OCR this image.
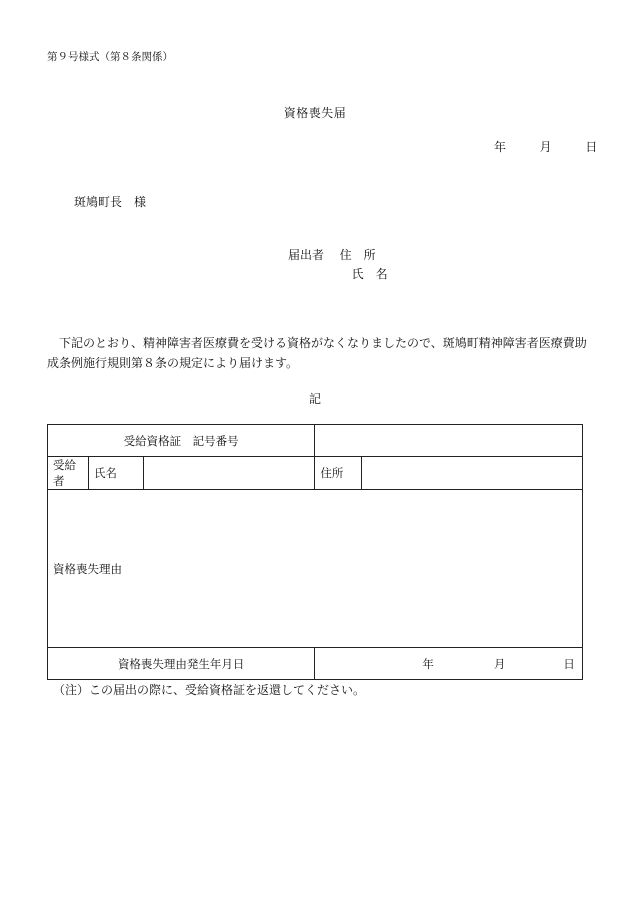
第９号様式（第８条関係）
資格喪失届
年	月	日
斑鳩町長 様
届出者 住　所
氏　名
　下記のとおり、精神障害者医療費を受ける資格がなくなりましたので、斑鳩町精神障害者医療費助成条例施行規則第８条の規定により届けます。
記
受給資格証　記号番号				
受給者	氏名		住所	
資格喪失理由				
資格喪失理由発生年月日			年 月 日	
（注）この届出の際に、受給資格証を返還してください。
